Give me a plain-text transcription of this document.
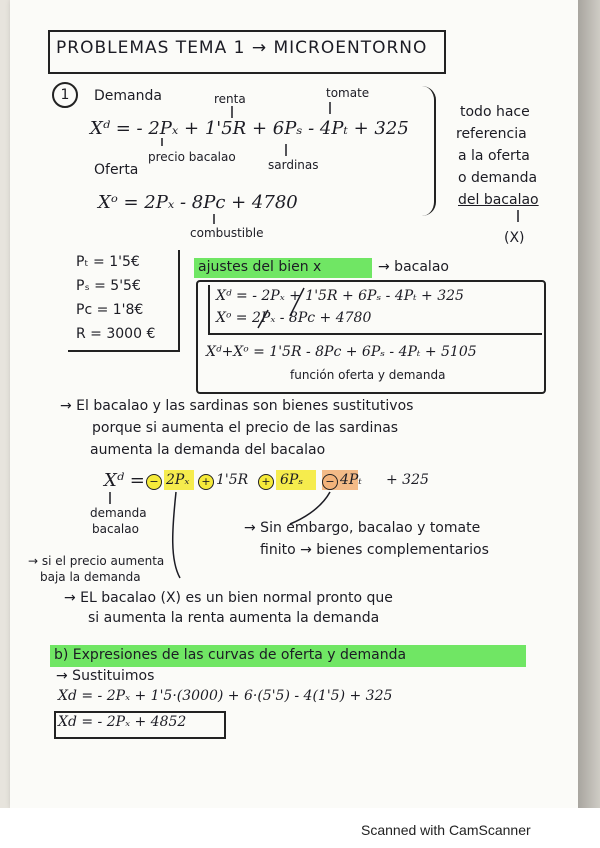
PROBLEMAS TEMA 1 → MICROENTORNO
1	Demanda	renta	tomate
Xᵈ = - 2Pₓ + 1'5R + 6Pₛ - 4Pₜ + 325
precio bacalao
sardinas
Oferta
Xᵒ = 2Pₓ - 8Pc + 4780
combustible
todo hace
referencia
a la oferta
o demanda
del bacalao
(X)
Pₜ = 1'5€
Pₛ = 5'5€
Pc = 1'8€
R = 3000 €
ajustes del bien x	→ bacalao
Xᵈ = - 2Pₓ + 1'5R + 6Pₛ - 4Pₜ + 325
Xᵒ = 2Pₓ - 8Pc + 4780
Xᵈ+Xᵒ = 1'5R - 8Pc + 6Pₛ - 4Pₜ + 5105
función oferta y demanda
→ El bacalao y las sardinas son bienes sustitutivos
porque si aumenta el precio de las sardinas
aumenta la demanda del bacalao
Xᵈ = − 2Pₓ	+ 1'5R	+ 6Pₛ	− 4Pₜ + 325
demanda
bacalao	→ Sin embargo, bacalao y tomate
finito → bienes complementarios
→ si el precio aumenta
baja la demanda
→ EL bacalao (X) es un bien normal pronto que
si aumenta la renta aumenta la demanda
b) Expresiones de las curvas de oferta y demanda
→ Sustituimos
Xd = - 2Pₓ + 1'5·(3000) + 6·(5'5) - 4(1'5) + 325
Xd = - 2Pₓ + 4852
Scanned with CamScanner
